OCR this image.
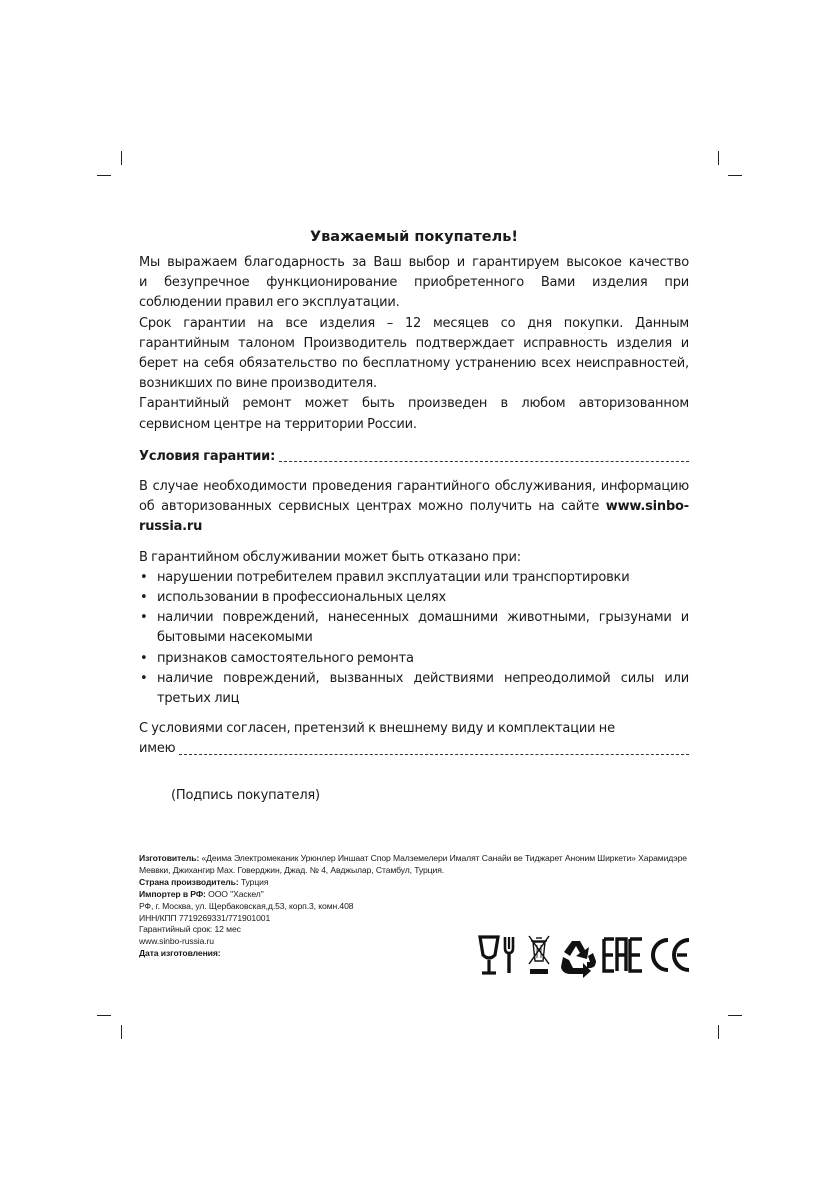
Уважаемый покупатель!
Мы выражаем благодарность за Ваш выбор и гарантируем высокое качество
и безупречное функционирование приобретенного Вами изделия при
соблюдении правил его эксплуатации.
Срок гарантии на все изделия – 12 месяцев со дня покупки. Данным гарантийным талоном Производитель подтверждает исправность изделия и берет на себя обязательство по бесплатному устранению всех неисправностей, возникших по вине производителя.
Гарантийный ремонт может быть произведен в любом авторизованном сервисном центре на территории России.
Условия гарантии:
В случае необходимости проведения гарантийного обслуживания, информацию об авторизованных сервисных центрах можно получить на сайте www.sinbo-russia.ru
В гарантийном обслуживании может быть отказано при:
• нарушении потребителем правил эксплуатации или транспортировки
• использовании в профессиональных целях
• наличии повреждений, нанесенных домашними животными, грызунами и бытовыми насекомыми
• признаков самостоятельного ремонта
• наличие повреждений, вызванных действиями непреодолимой силы или третьих лиц
С условиями согласен, претензий к внешнему виду и комплектации не
имею
(Подпись покупателя)
Изготовитель: «Деима Электромеканик Урюнлер Иншаат Спор Малземелери Ималят Санайи ве Тиджарет Аноним Ширкети» Харамидэре
Меввки, Джихангир Мах. Говерджин, Джад. № 4, Авджылар, Стамбул, Турция.
Страна производитель: Турция
Импортер в РФ: ООО "Хаскел"
РФ, г. Москва, ул. Щербаковская,д.53, корп.3, комн.408
ИНН/КПП 7719269331/771901001
Гарантийный срок: 12 мес
www.sinbo-russia.ru
Дата изготовления:
